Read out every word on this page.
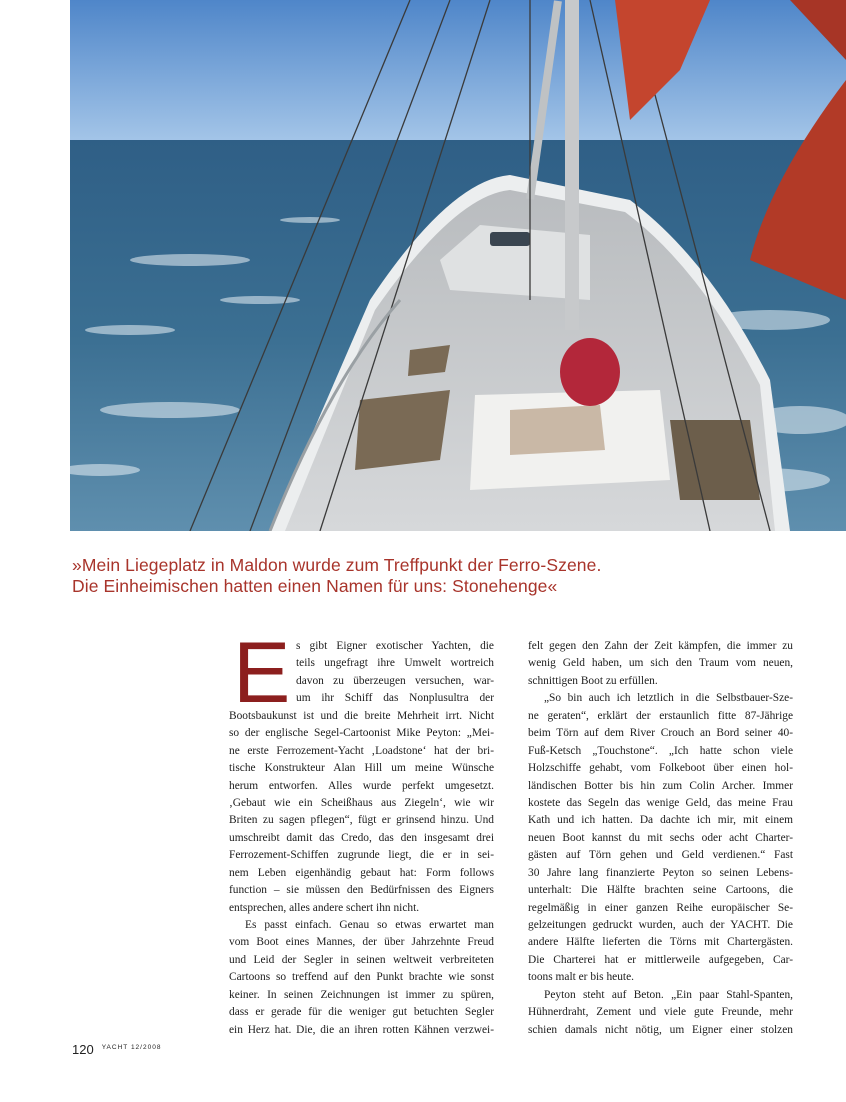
»Mein Liegeplatz in Maldon wurde zum Treffpunkt der Ferro-Szene.
Die Einheimischen hatten einen Namen für uns: Stonehenge«
E s gibt Eigner exotischer Yachten, die
teils ungefragt ihre Umwelt wortreich
davon zu überzeugen versuchen, war-
um ihr Schiff das Nonplusultra der
Bootsbaukunst ist und die breite Mehrheit irrt. Nicht
so der englische Segel-Cartoonist Mike Peyton: „Mei-
ne erste Ferrozement-Yacht ‚Loadstone‘ hat der bri-
tische Konstrukteur Alan Hill um meine Wünsche
herum entworfen. Alles wurde perfekt umgesetzt.
‚Gebaut wie ein Scheißhaus aus Ziegeln‘, wie wir
Briten zu sagen pflegen“, fügt er grinsend hinzu. Und
umschreibt damit das Credo, das den insgesamt drei
Ferrozement-Schiffen zugrunde liegt, die er in sei-
nem Leben eigenhändig gebaut hat: Form follows
function – sie müssen den Bedürfnissen des Eigners
entsprechen, alles andere schert ihn nicht.
Es passt einfach. Genau so etwas erwartet man
vom Boot eines Mannes, der über Jahrzehnte Freud
und Leid der Segler in seinen weltweit verbreiteten
Cartoons so treffend auf den Punkt brachte wie sonst
keiner. In seinen Zeichnungen ist immer zu spüren,
dass er gerade für die weniger gut betuchten Segler
ein Herz hat. Die, die an ihren rotten Kähnen verzwei-
felt gegen den Zahn der Zeit kämpfen, die immer zu
wenig Geld haben, um sich den Traum vom neuen,
schnittigen Boot zu erfüllen.
„So bin auch ich letztlich in die Selbstbauer-Sze-
ne geraten“, erklärt der erstaunlich fitte 87-Jährige
beim Törn auf dem River Crouch an Bord seiner 40-
Fuß-Ketsch „Touchstone“. „Ich hatte schon viele
Holzschiffe gehabt, vom Folkeboot über einen hol-
ländischen Botter bis hin zum Colin Archer. Immer
kostete das Segeln das wenige Geld, das meine Frau
Kath und ich hatten. Da dachte ich mir, mit einem
neuen Boot kannst du mit sechs oder acht Charter-
gästen auf Törn gehen und Geld verdienen.“ Fast
30 Jahre lang finanzierte Peyton so seinen Lebens-
unterhalt: Die Hälfte brachten seine Cartoons, die
regelmäßig in einer ganzen Reihe europäischer Se-
gelzeitungen gedruckt wurden, auch der YACHT. Die
andere Hälfte lieferten die Törns mit Chartergästen.
Die Charterei hat er mittlerweile aufgegeben, Car-
toons malt er bis heute.
Peyton steht auf Beton. „Ein paar Stahl-Spanten,
Hühnerdraht, Zement und viele gute Freunde, mehr
schien damals nicht nötig, um Eigner einer stolzen
120 $^{YACHT 12/2008}$
